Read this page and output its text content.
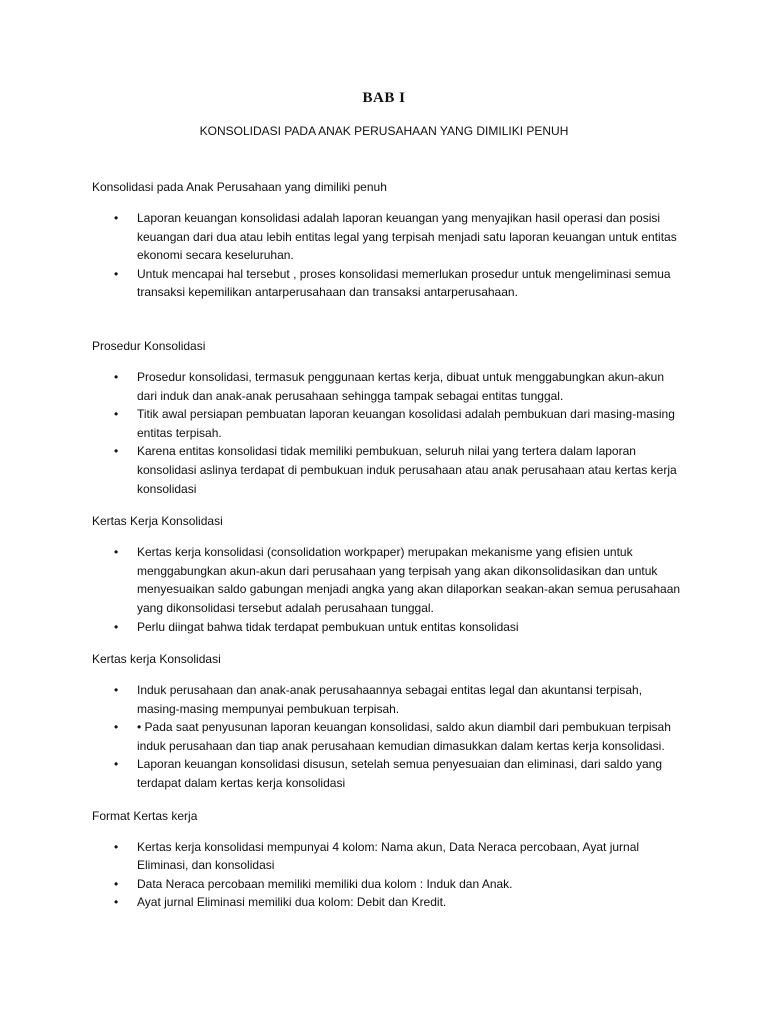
BAB I
KONSOLIDASI PADA ANAK PERUSAHAAN YANG DIMILIKI PENUH

Konsolidasi pada Anak Perusahaan yang dimiliki penuh

• Laporan keuangan konsolidasi adalah laporan keuangan yang menyajikan hasil operasi dan posisi keuangan dari dua atau lebih entitas legal yang terpisah menjadi satu laporan keuangan untuk entitas ekonomi secara keseluruhan.
• Untuk mencapai hal tersebut , proses konsolidasi memerlukan prosedur untuk mengeliminasi semua transaksi kepemilikan antarperusahaan dan transaksi antarperusahaan.

Prosedur Konsolidasi

• Prosedur konsolidasi, termasuk penggunaan kertas kerja, dibuat untuk menggabungkan akun-akun dari induk dan anak-anak perusahaan sehingga tampak sebagai entitas tunggal.
• Titik awal persiapan pembuatan laporan keuangan kosolidasi adalah pembukuan dari masing-masing entitas terpisah.
• Karena entitas konsolidasi tidak memiliki pembukuan, seluruh nilai yang tertera dalam laporan konsolidasi aslinya terdapat di pembukuan induk perusahaan atau anak perusahaan atau kertas kerja konsolidasi

Kertas Kerja Konsolidasi

• Kertas kerja konsolidasi (consolidation workpaper) merupakan mekanisme yang efisien untuk menggabungkan akun-akun dari perusahaan yang terpisah yang akan dikonsolidasikan dan untuk menyesuaikan saldo gabungan menjadi angka yang akan dilaporkan seakan-akan semua perusahaan yang dikonsolidasi tersebut adalah perusahaan tunggal.
• Perlu diingat bahwa tidak terdapat pembukuan untuk entitas konsolidasi

Kertas kerja Konsolidasi

• Induk perusahaan dan anak-anak perusahaannya sebagai entitas legal dan akuntansi terpisah, masing-masing mempunyai pembukuan terpisah.
• • Pada saat penyusunan laporan keuangan konsolidasi, saldo akun diambil dari pembukuan terpisah induk perusahaan dan tiap anak perusahaan kemudian dimasukkan dalam kertas kerja konsolidasi.
• Laporan keuangan konsolidasi disusun, setelah semua penyesuaian dan eliminasi, dari saldo yang terdapat dalam kertas kerja konsolidasi

Format Kertas kerja

• Kertas kerja konsolidasi mempunyai 4 kolom: Nama akun, Data Neraca percobaan, Ayat jurnal Eliminasi, dan konsolidasi
• Data Neraca percobaan memiliki memiliki dua kolom : Induk dan Anak.
• Ayat jurnal Eliminasi memiliki dua kolom: Debit dan Kredit.
